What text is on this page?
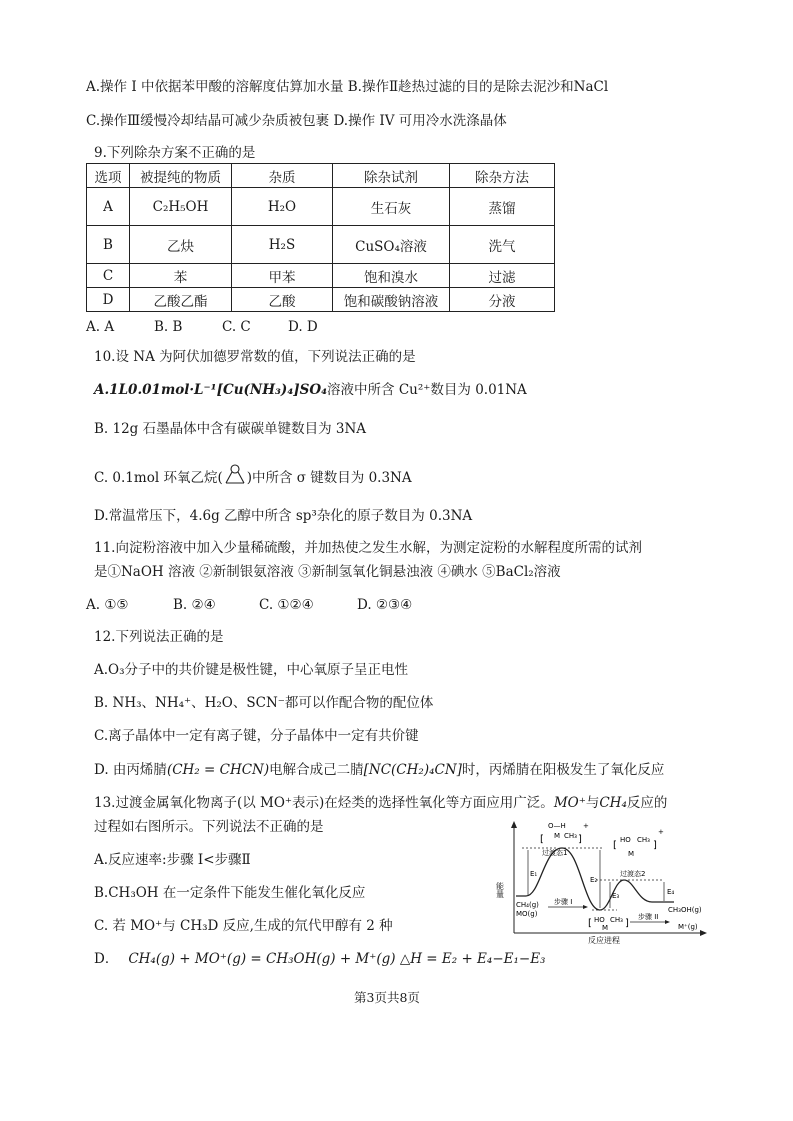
A.操作 I 中依据苯甲酸的溶解度估算加水量 B.操作Ⅱ趁热过滤的目的是除去泥沙和NaCl
C.操作Ⅲ缓慢冷却结晶可减少杂质被包裹 D.操作 IV 可用冷水洗涤晶体
9.下列除杂方案不正确的是
选项	被提纯的物质	杂质	除杂试剂	除杂方法
A	C₂H₅OH	H₂O	生石灰	蒸馏
B	乙炔	H₂S	CuSO₄溶液	洗气
C	苯	甲苯	饱和溴水	过滤
D	乙酸乙酯	乙酸	饱和碳酸钠溶液	分液
A. A	B. B	C. C	D. D
10.设 NA 为阿伏加德罗常数的值，下列说法正确的是
A.1L0.01mol·L⁻¹[Cu(NH₃)₄]SO₄溶液中所含 Cu²⁺数目为 0.01NA
B. 12g 石墨晶体中含有碳碳单键数目为 3NA
C. 0.1mol 环氧乙烷( )中所含 σ 键数目为 0.3NA
D.常温常压下，4.6g 乙醇中所含 sp³杂化的原子数目为 0.3NA
11.向淀粉溶液中加入少量稀硫酸，并加热使之发生水解，为测定淀粉的水解程度所需的试剂
是①NaOH 溶液 ②新制银氨溶液 ③新制氢氧化铜悬浊液 ④碘水 ⑤BaCl₂溶液
A. ①⑤	B. ②④	C. ①②④	D. ②③④
12.下列说法正确的是
A.O₃分子中的共价键是极性键，中心氧原子呈正电性
B. NH₃、NH₄⁺、H₂O、SCN⁻都可以作配合物的配位体
C.离子晶体中一定有离子键，分子晶体中一定有共价键
D. 由丙烯腈(CH₂ = CHCN)电解合成己二腈[NC(CH₂)₄CN]时，丙烯腈在阳极发生了氧化反应
13.过渡金属氧化物离子(以 MO⁺表示)在烃类的选择性氧化等方面应用广泛。MO⁺与CH₄反应的
过程如右图所示。下列说法不正确的是
A.反应速率:步骤 I<步骤Ⅱ
B.CH₃OH 在一定条件下能发生催化氧化反应
C. 若 MO⁺与 CH₃D 反应,生成的氘代甲醇有 2 种
D． CH₄(g) + MO⁺(g) = CH₃OH(g) + M⁺(g) △H = E₂ + E₄−E₁−E₃
能量
反应进程
E₁
E₂
E₃	E₄
O—H
M CH₃
[	]
+
过渡态1
HO CH₃
M
[	]
+
过渡态2
HO CH₃
M
[	]
步骤 I
步骤 II
CH₄(g)
MO(g)	CH₃OH(g)
M⁺(g)
第3页共8页
